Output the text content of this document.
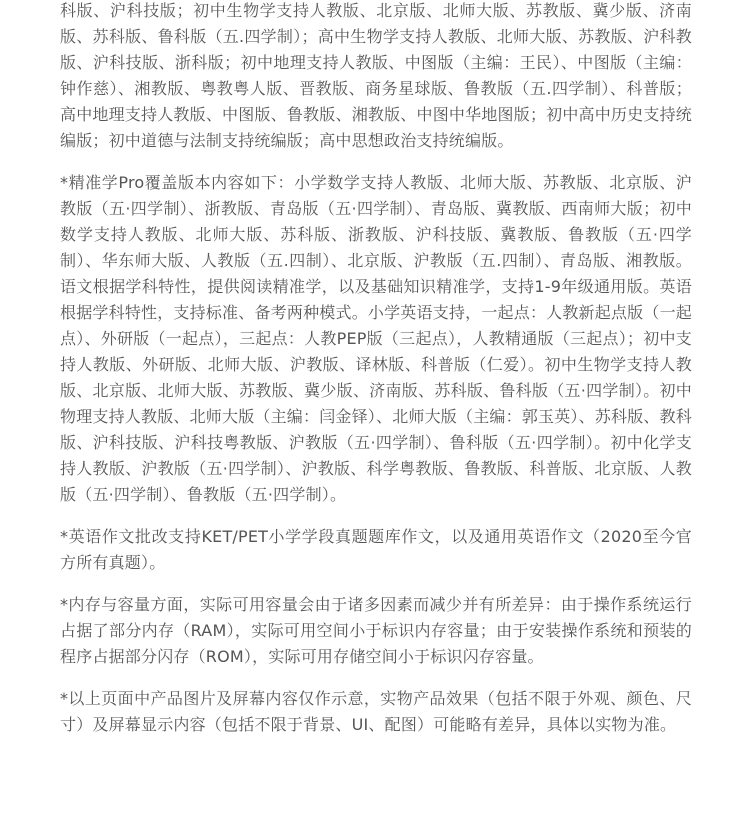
科版、沪科技版；初中生物学支持人教版、北京版、北师大版、苏教版、冀少版、济南版、苏科版、鲁科版（五.四学制）；高中生物学支持人教版、北师大版、苏教版、沪科教版、沪科技版、浙科版；初中地理支持人教版、中图版（主编：王民）、中图版（主编：钟作慈）、湘教版、粤教粤人版、晋教版、商务星球版、鲁教版（五.四学制）、科普版；高中地理支持人教版、中图版、鲁教版、湘教版、中图中华地图版；初中高中历史支持统编版；初中道德与法制支持统编版；高中思想政治支持统编版。

*精准学Pro覆盖版本内容如下：小学数学支持人教版、北师大版、苏教版、北京版、沪教版（五·四学制）、浙教版、青岛版（五·四学制）、青岛版、冀教版、西南师大版；初中数学支持人教版、北师大版、苏科版、浙教版、沪科技版、冀教版、鲁教版（五·四学制）、华东师大版、人教版（五.四制）、北京版、沪教版（五.四制）、青岛版、湘教版。语文根据学科特性，提供阅读精准学，以及基础知识精准学，支持1-9年级通用版。英语根据学科特性，支持标准、备考两种模式。小学英语支持，一起点：人教新起点版（一起点）、外研版（一起点），三起点：人教PEP版（三起点），人教精通版（三起点）；初中支持人教版、外研版、北师大版、沪教版、译林版、科普版（仁爱）。初中生物学支持人教版、北京版、北师大版、苏教版、冀少版、济南版、苏科版、鲁科版（五·四学制）。初中物理支持人教版、北师大版（主编：闫金铎）、北师大版（主编：郭玉英）、苏科版、教科版、沪科技版、沪科技粤教版、沪教版（五·四学制）、鲁科版（五·四学制）。初中化学支持人教版、沪教版（五·四学制）、沪教版、科学粤教版、鲁教版、科普版、北京版、人教版（五·四学制）、鲁教版（五·四学制）。

*英语作文批改支持KET/PET小学学段真题题库作文，以及通用英语作文（2020至今官方所有真题）。

*内存与容量方面，实际可用容量会由于诸多因素而减少并有所差异：由于操作系统运行占据了部分内存（RAM），实际可用空间小于标识内存容量；由于安装操作系统和预装的程序占据部分闪存（ROM），实际可用存储空间小于标识闪存容量。

*以上页面中产品图片及屏幕内容仅作示意，实物产品效果（包括不限于外观、颜色、尺寸）及屏幕显示内容（包括不限于背景、UI、配图）可能略有差异，具体以实物为准。
